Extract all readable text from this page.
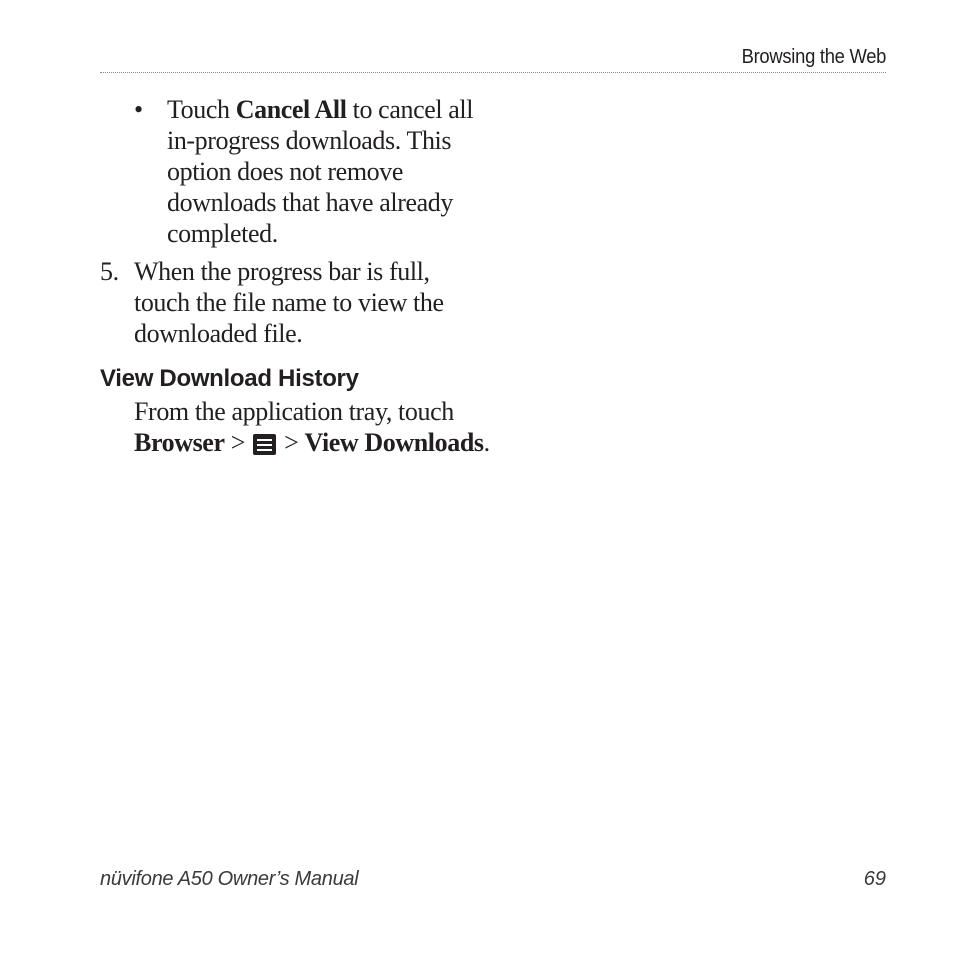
Browsing the Web
• Touch Cancel All to cancel all in-progress downloads. This option does not remove downloads that have already completed.
5. When the progress bar is full, touch the file name to view the downloaded file.
View Download History
From the application tray, touch Browser >
> View Downloads.
nüvifone A50 Owner’s Manual	69
